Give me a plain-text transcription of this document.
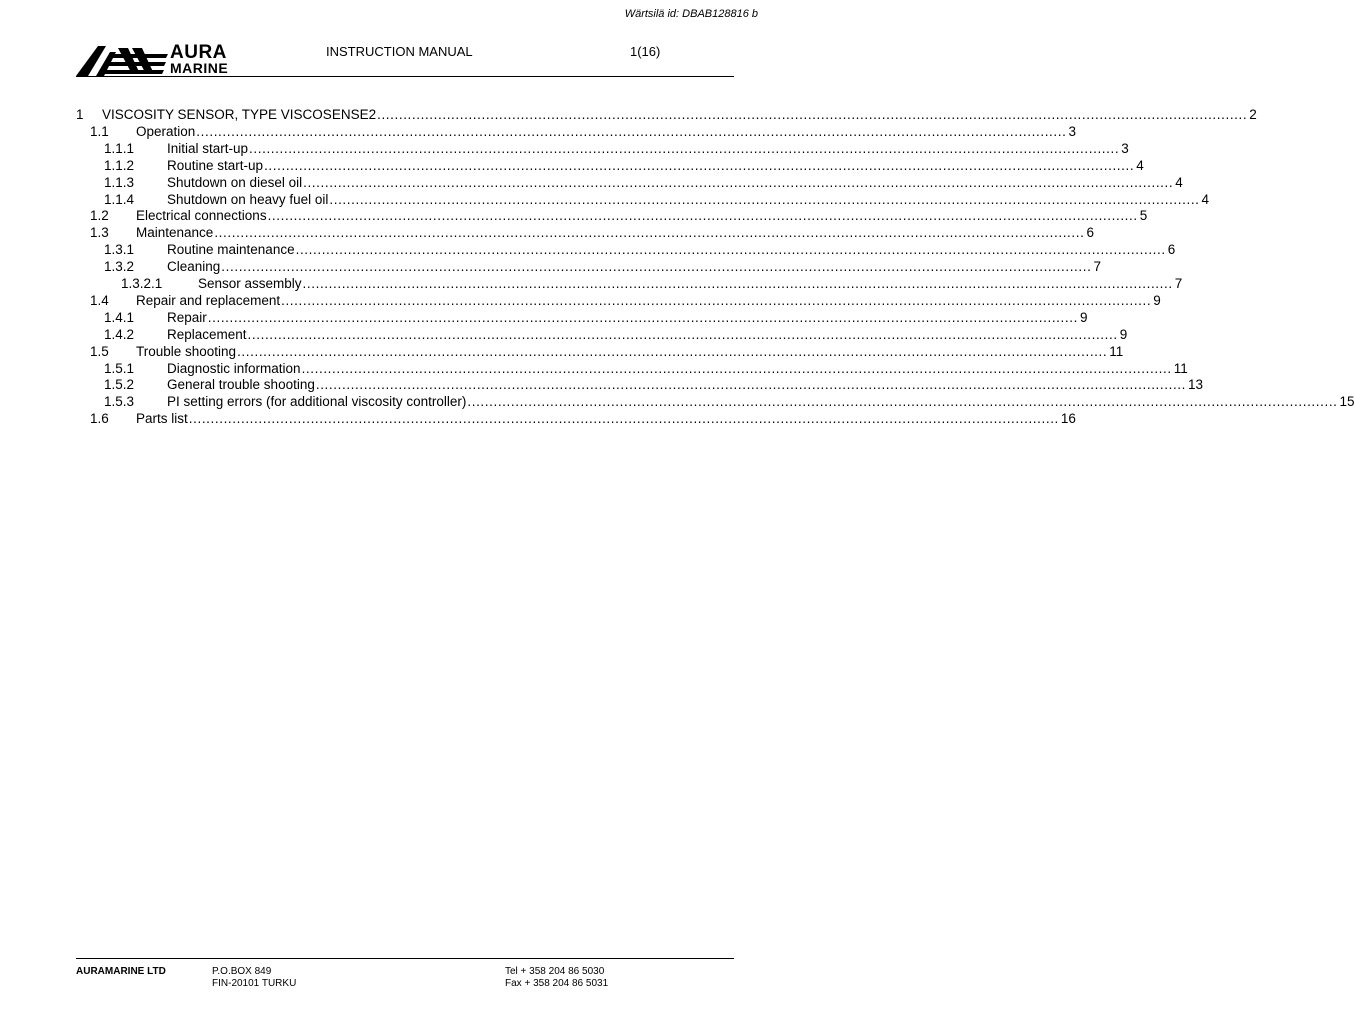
Wärtsilä id: DBAB128816 b
AURA
MARINE
INSTRUCTION MANUAL	1(16)
1	VISCOSITY SENSOR, TYPE VISCOSENSE2 ........................................................................................................................................................................................................ 2
1.1	Operation ........................................................................................................................................................................................................ 3
1.1.1	Initial start-up ........................................................................................................................................................................................................ 3
1.1.2	Routine start-up ........................................................................................................................................................................................................ 4
1.1.3	Shutdown on diesel oil ........................................................................................................................................................................................................ 4
1.1.4	Shutdown on heavy fuel oil ........................................................................................................................................................................................................ 4
1.2	Electrical connections ........................................................................................................................................................................................................ 5
1.3	Maintenance ........................................................................................................................................................................................................ 6
1.3.1	Routine maintenance ........................................................................................................................................................................................................ 6
1.3.2	Cleaning ........................................................................................................................................................................................................ 7
1.3.2.1	Sensor assembly ........................................................................................................................................................................................................ 7
1.4	Repair and replacement ........................................................................................................................................................................................................ 9
1.4.1	Repair ........................................................................................................................................................................................................ 9
1.4.2	Replacement ........................................................................................................................................................................................................ 9
1.5	Trouble shooting ........................................................................................................................................................................................................ 11
1.5.1	Diagnostic information ........................................................................................................................................................................................................ 11
1.5.2	General trouble shooting ........................................................................................................................................................................................................ 13
1.5.3	PI setting errors (for additional viscosity controller) ........................................................................................................................................................................................................ 15
1.6	Parts list ........................................................................................................................................................................................................ 16
AURAMARINE LTD	P.O.BOX 849
FIN-20101 TURKU
Tel + 358 204 86 5030
Fax + 358 204 86 5031
